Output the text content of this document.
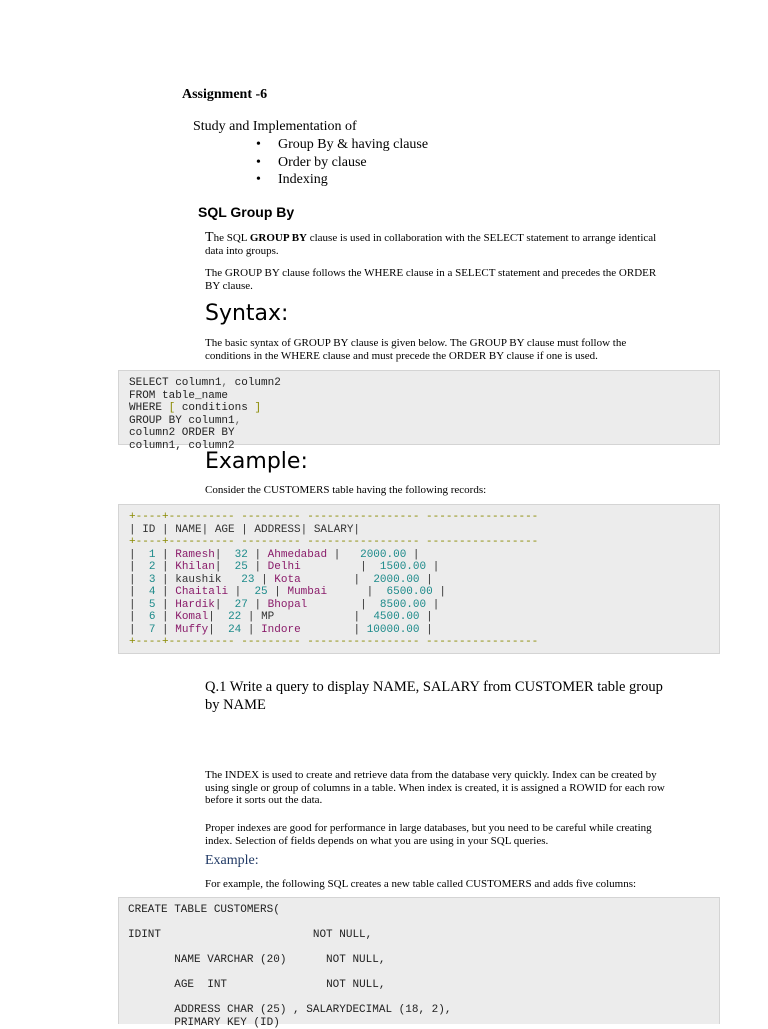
Assignment -6
Study and Implementation of
• Group By & having clause
• Order by clause
• Indexing
SQL Group By
The SQL GROUP BY clause is used in collaboration with the SELECT statement to arrange identical data into groups.
The GROUP BY clause follows the WHERE clause in a SELECT statement and precedes the ORDER BY clause.
Syntax:
The basic syntax of GROUP BY clause is given below. The GROUP BY clause must follow the conditions in the WHERE clause and must precede the ORDER BY clause if one is used.
SELECT column1, column2
FROM table_name
WHERE [ conditions ]
GROUP BY column1,
column2 ORDER BY
column1, column2
Example:
Consider the CUSTOMERS table having the following records:
+----+---------- --------- ----------------- -----------------
| ID | NAME| AGE | ADDRESS| SALARY|
+----+---------- --------- ----------------- -----------------
|  1 | Ramesh|  32 | Ahmedabad |   2000.00 |
|  2 | Khilan|  25 | Delhi         |  1500.00 |
|  3 | kaushik 23 | Kota        |  2000.00 |
|  4 | Chaitali |  25 | Mumbai      |  6500.00 |
|  5 | Hardik|  27 | Bhopal        |  8500.00 |
|  6 | Komal|  22 | MP            |  4500.00 |
|  7 | Muffy|  24 | Indore        | 10000.00 |
+----+---------- --------- ----------------- -----------------
Q.1 Write a query to display NAME, SALARY from CUSTOMER table group by NAME
The INDEX is used to create and retrieve data from the database very quickly. Index can be created by using single or group of columns in a table. When index is created, it is assigned a ROWID for each row before it sorts out the data.
Proper indexes are good for performance in large databases, but you need to be careful while creating index. Selection of fields depends on what you are using in your SQL queries.
Example:
For example, the following SQL creates a new table called CUSTOMERS and adds five columns:
CREATE TABLE CUSTOMERS(

IDINT	NOT NULL,

NAME VARCHAR (20)	NOT NULL,

AGE  INT	NOT NULL,

ADDRESS CHAR (25) , SALARYDECIMAL (18, 2),
PRIMARY KEY (ID)
